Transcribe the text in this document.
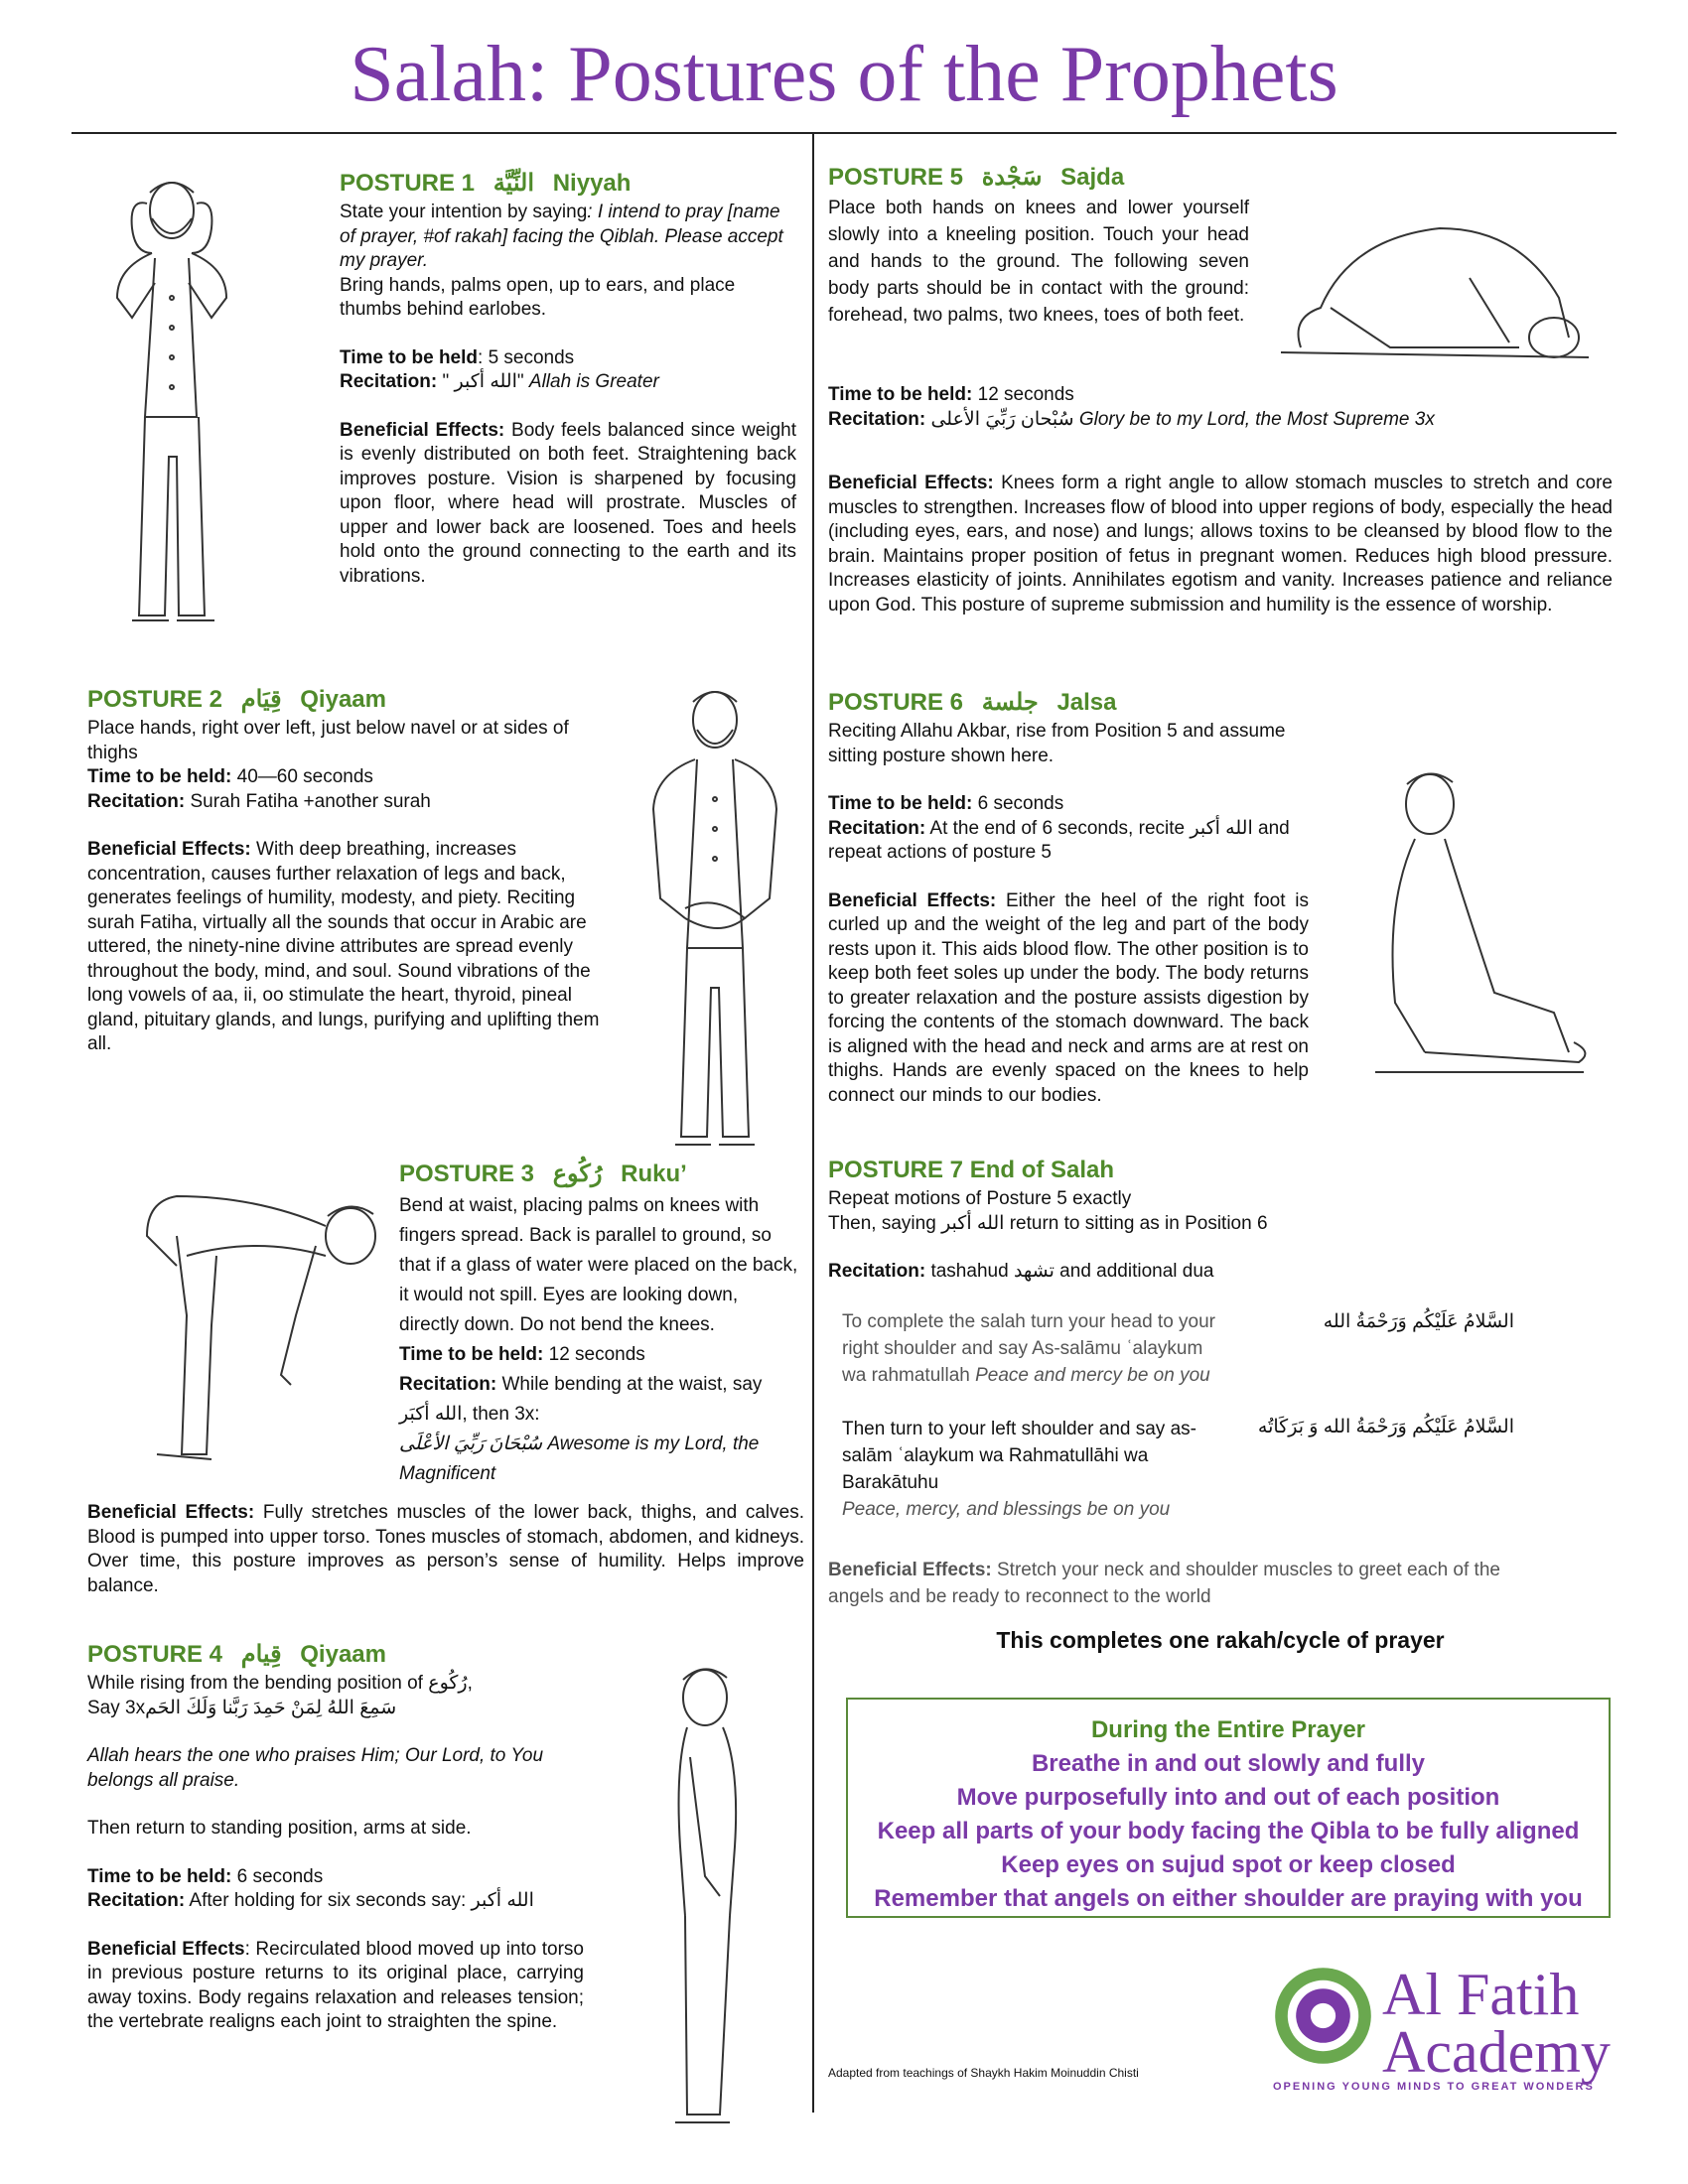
Salah: Postures of the Prophets
POSTURE 1 النِّيَّة Niyyah

State your intention by saying: I intend to pray [name of prayer, #of rakah] facing the Qiblah. Please accept my prayer.

Bring hands, palms open, up to ears, and place thumbs behind earlobes.

Time to be held: 5 seconds

Recitation: " الله أكبر" Allah is Greater

Beneficial Effects: Body feels balanced since weight is evenly distributed on both feet. Straightening back improves posture. Vision is sharpened by focusing upon floor, where head will prostrate. Muscles of upper and lower back are loosened. Toes and heels hold onto the ground connecting to the earth and its vibrations.

POSTURE 2 قِيَام Qiyaam

Place hands, right over left, just below navel or at sides of thighs

Time to be held: 40—60 seconds

Recitation: Surah Fatiha +another surah

Beneficial Effects: With deep breathing, increases concentration, causes further relaxation of legs and back, generates feelings of humility, modesty, and piety. Reciting surah Fatiha, virtually all the sounds that occur in Arabic are uttered, the ninety-nine divine attributes are spread evenly throughout the body, mind, and soul. Sound vibrations of the long vowels of aa, ii, oo stimulate the heart, thyroid, pineal gland, pituitary glands, and lungs, purifying and uplifting them all.

POSTURE 3 رُكُوع Ruku’

Bend at waist, placing palms on knees with fingers spread. Back is parallel to ground, so that if a glass of water were placed on the back, it would not spill. Eyes are looking down, directly down. Do not bend the knees.

Time to be held: 12 seconds

Recitation: While bending at the waist, say

الله أكبَر, then 3x:

سُبْحَانَ رَبِّيَ الأعْلَى Awesome is my Lord, the Magnificent

Beneficial Effects: Fully stretches muscles of the lower back, thighs, and calves. Blood is pumped into upper torso. Tones muscles of stomach, abdomen, and kidneys. Over time, this posture improves as person’s sense of humility. Helps improve balance.

POSTURE 4 قِيام Qiyaam

While rising from the bending position of رُكُوع,

Say 3xسَمِعَ اللهُ لِمَنْ حَمِدَ رَبَّنا وَلَكَ الحَم

Allah hears the one who praises Him; Our Lord, to You belongs all praise.

Then return to standing position, arms at side.

Time to be held: 6 seconds

Recitation: After holding for six seconds say: الله أكبر

Beneficial Effects: Recirculated blood moved up into torso in previous posture returns to its original place, carrying away toxins. Body regains relaxation and releases tension; the vertebrate realigns each joint to straighten the spine.

POSTURE 5 سَجْدة Sajda

Place both hands on knees and lower yourself slowly into a kneeling position. Touch your head and hands to the ground. The following seven body parts should be in contact with the ground: forehead, two palms, two knees, toes of both feet.

Time to be held: 12 seconds

Recitation: سُبْحان رَبِّيَ الأعلى Glory be to my Lord, the Most Supreme 3x

Beneficial Effects: Knees form a right angle to allow stomach muscles to stretch and core muscles to strengthen. Increases flow of blood into upper regions of body, especially the head (including eyes, ears, and nose) and lungs; allows toxins to be cleansed by blood flow to the brain. Maintains proper position of fetus in pregnant women. Reduces high blood pressure. Increases elasticity of joints. Annihilates egotism and vanity. Increases patience and reliance upon God. This posture of supreme submission and humility is the essence of worship.

POSTURE 6 جلسة Jalsa

Reciting Allahu Akbar, rise from Position 5 and assume sitting posture shown here.

Time to be held: 6 seconds

Recitation: At the end of 6 seconds, recite الله أكبر and repeat actions of posture 5

Beneficial Effects: Either the heel of the right foot is curled up and the weight of the leg and part of the body rests upon it. This aids blood flow. The other position is to keep both feet soles up under the body. The body returns to greater relaxation and the posture assists digestion by forcing the contents of the stomach downward. The back is aligned with the head and neck and arms are at rest on thighs. Hands are evenly spaced on the knees to help connect our minds to our bodies.

POSTURE 7 End of Salah

Repeat motions of Posture 5 exactly

Then, saying الله أكبر return to sitting as in Position 6

Recitation: tashahud تشهد and additional dua

To complete the salah turn your head to your right shoulder and say As-salāmu ʿalaykum wa rahmatullah Peace and mercy be on you

السَّلامُ عَلَيْكُم وَرَحْمَةُ الله

Then turn to your left shoulder and say as-salām ʿalaykum wa Rahmatullāhi wa Barakātuhu

Peace, mercy, and blessings be on you

السَّلامُ عَلَيْكُم وَرَحْمَةُ الله وَ بَرَكَاتُه

Beneficial Effects: Stretch your neck and shoulder muscles to greet each of the angels and be ready to reconnect to the world

This completes one rakah/cycle of prayer
During the Entire Prayer
Breathe in and out slowly and fully
Move purposefully into and out of each position
Keep all parts of your body facing the Qibla to be fully aligned
Keep eyes on sujud spot or keep closed
Remember that angels on either shoulder are praying with you
Adapted from teachings of Shaykh Hakim Moinuddin Chisti
Al Fatih
Academy
OPENING YOUNG MINDS TO GREAT WONDERS
